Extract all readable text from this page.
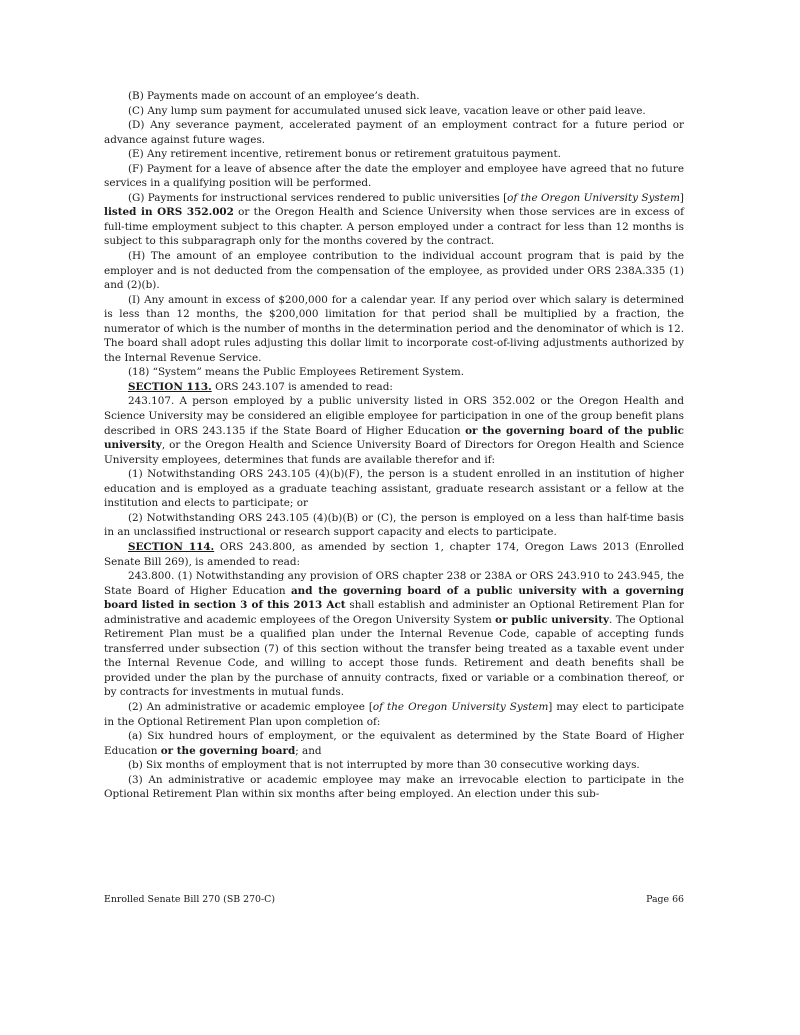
(B) Payments made on account of an employee’s death.

(C) Any lump sum payment for accumulated unused sick leave, vacation leave or other paid leave.

(D) Any severance payment, accelerated payment of an employment contract for a future period or advance against future wages.

(E) Any retirement incentive, retirement bonus or retirement gratuitous payment.

(F) Payment for a leave of absence after the date the employer and employee have agreed that no future services in a qualifying position will be performed.

(G) Payments for instructional services rendered to public universities [of the Oregon University System] listed in ORS 352.002 or the Oregon Health and Science University when those services are in excess of full-time employment subject to this chapter. A person employed under a contract for less than 12 months is subject to this subparagraph only for the months covered by the contract.

(H) The amount of an employee contribution to the individual account program that is paid by the employer and is not deducted from the compensation of the employee, as provided under ORS 238A.335 (1) and (2)(b).

(I) Any amount in excess of $200,000 for a calendar year. If any period over which salary is determined is less than 12 months, the $200,000 limitation for that period shall be multiplied by a fraction, the numerator of which is the number of months in the determination period and the denominator of which is 12. The board shall adopt rules adjusting this dollar limit to incorporate cost-of-living adjustments authorized by the Internal Revenue Service.

(18) “System” means the Public Employees Retirement System.

SECTION 113. ORS 243.107 is amended to read:

243.107. A person employed by a public university listed in ORS 352.002 or the Oregon Health and Science University may be considered an eligible employee for participation in one of the group benefit plans described in ORS 243.135 if the State Board of Higher Education or the governing board of the public university, or the Oregon Health and Science University Board of Directors for Oregon Health and Science University employees, determines that funds are available therefor and if:

(1) Notwithstanding ORS 243.105 (4)(b)(F), the person is a student enrolled in an institution of higher education and is employed as a graduate teaching assistant, graduate research assistant or a fellow at the institution and elects to participate; or

(2) Notwithstanding ORS 243.105 (4)(b)(B) or (C), the person is employed on a less than half-time basis in an unclassified instructional or research support capacity and elects to participate.

SECTION 114. ORS 243.800, as amended by section 1, chapter 174, Oregon Laws 2013 (Enrolled Senate Bill 269), is amended to read:

243.800. (1) Notwithstanding any provision of ORS chapter 238 or 238A or ORS 243.910 to 243.945, the State Board of Higher Education and the governing board of a public university with a governing board listed in section 3 of this 2013 Act shall establish and administer an Optional Retirement Plan for administrative and academic employees of the Oregon University System or public university. The Optional Retirement Plan must be a qualified plan under the Internal Revenue Code, capable of accepting funds transferred under subsection (7) of this section without the transfer being treated as a taxable event under the Internal Revenue Code, and willing to accept those funds. Retirement and death benefits shall be provided under the plan by the purchase of annuity contracts, fixed or variable or a combination thereof, or by contracts for investments in mutual funds.

(2) An administrative or academic employee [of the Oregon University System] may elect to participate in the Optional Retirement Plan upon completion of:

(a) Six hundred hours of employment, or the equivalent as determined by the State Board of Higher Education or the governing board; and

(b) Six months of employment that is not interrupted by more than 30 consecutive working days.

(3) An administrative or academic employee may make an irrevocable election to participate in the Optional Retirement Plan within six months after being employed. An election under this sub-

Enrolled Senate Bill 270 (SB 270-C)	Page 66
